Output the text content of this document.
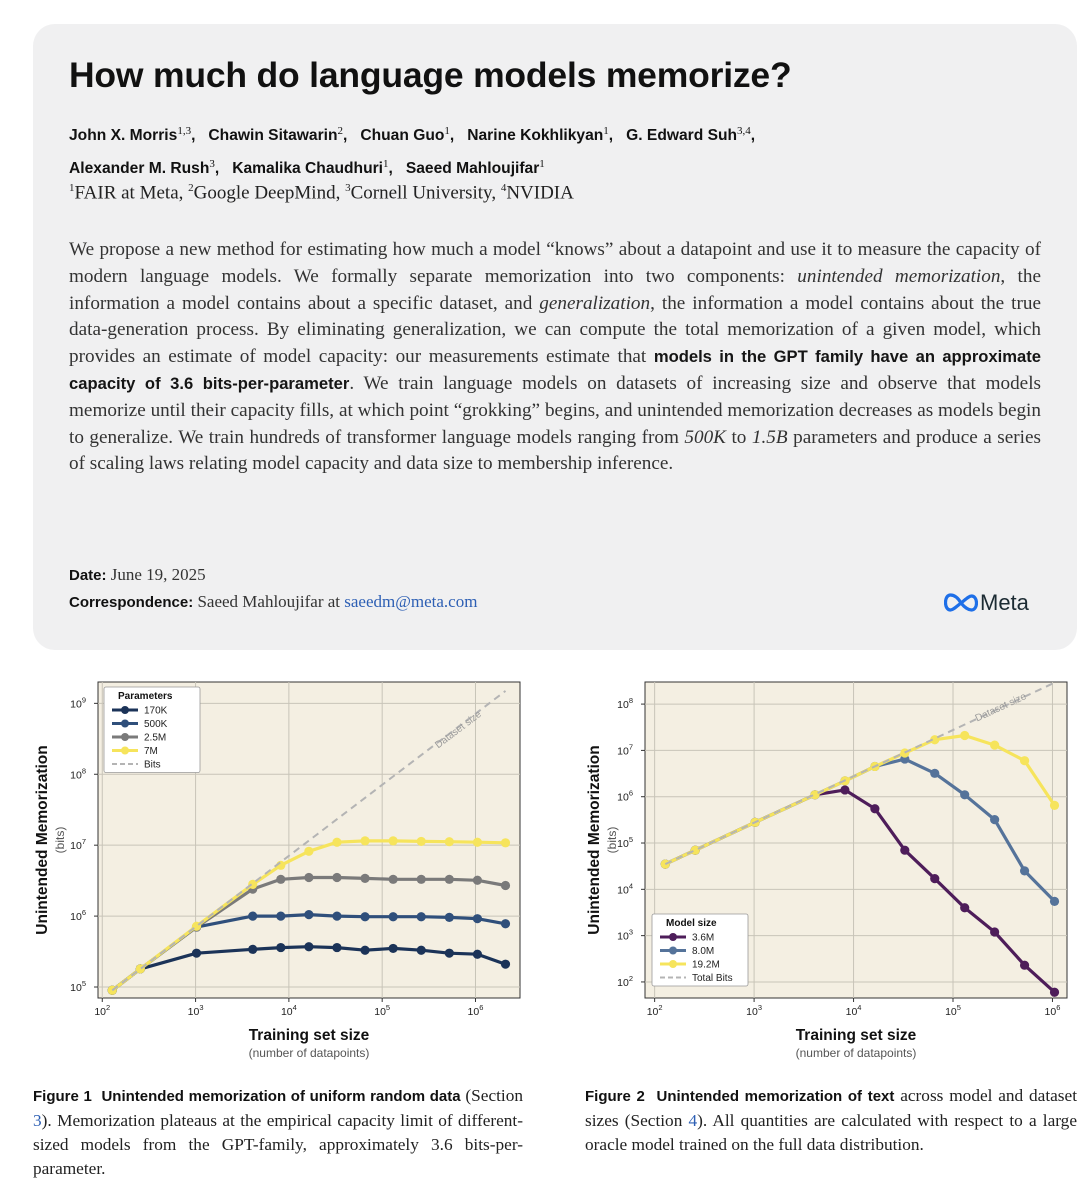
How much do language models memorize?
John X. Morris$^{1,3}$,   Chawin Sitawarin$^2$,   Chuan Guo$^1$,   Narine Kokhlikyan$^1$,   G. Edward Suh$^{3,4}$,
Alexander M. Rush$^3$,   Kamalika Chaudhuri$^1$,   Saeed Mahloujifar$^1$
$^1$FAIR at Meta, $^2$Google DeepMind, $^3$Cornell University, $^4$NVIDIA
We propose a new method for estimating how much a model “knows” about a datapoint and use it to measure the capacity of modern language models. We formally separate memorization into two components: unintended memorization, the information a model contains about a specific dataset, and generalization, the information a model contains about the true data-generation process. By eliminating generalization, we can compute the total memorization of a given model, which provides an estimate of model capacity: our measurements estimate that models in the GPT family have an approximate capacity of 3.6 bits-per-parameter. We train language models on datasets of increasing size and observe that models memorize until their capacity fills, at which point “grokking” begins, and unintended memorization decreases as models begin to generalize. We train hundreds of transformer language models ranging from 500K to 1.5B parameters and produce a series of scaling laws relating model capacity and data size to membership inference.
Date: June 19, 2025
Correspondence: Saeed Mahloujifar at saeedm@meta.com	Meta
$10^2$	$10^3$	$10^4$	$10^5$	$10^6$
$10^5$
$10^6$
$10^7$
$10^8$
$10^9$
Dataset size
Parameters
170K
500K
2.5M
7M
Bits
Training set size
(number of datapoints)
Unintended Memorization (bits)
$10^2$	$10^3$	$10^4$	$10^5$	$10^6$
$10^2$
$10^3$
$10^4$
$10^5$
$10^6$
$10^7$
$10^8$	Dataset size
Model size
3.6M
8.0M
19.2M
Total Bits
Training set size
(number of datapoints)
Unintended Memorization (bits)
Figure 1 Unintended memorization of uniform random data (Section 3). Memorization plateaus at the empirical capacity limit of different-sized models from the GPT-family, approximately 3.6 bits-per-parameter.
Figure 2 Unintended memorization of text across model and dataset sizes (Section 4). All quantities are calculated with respect to a large oracle model trained on the full data distribution.
